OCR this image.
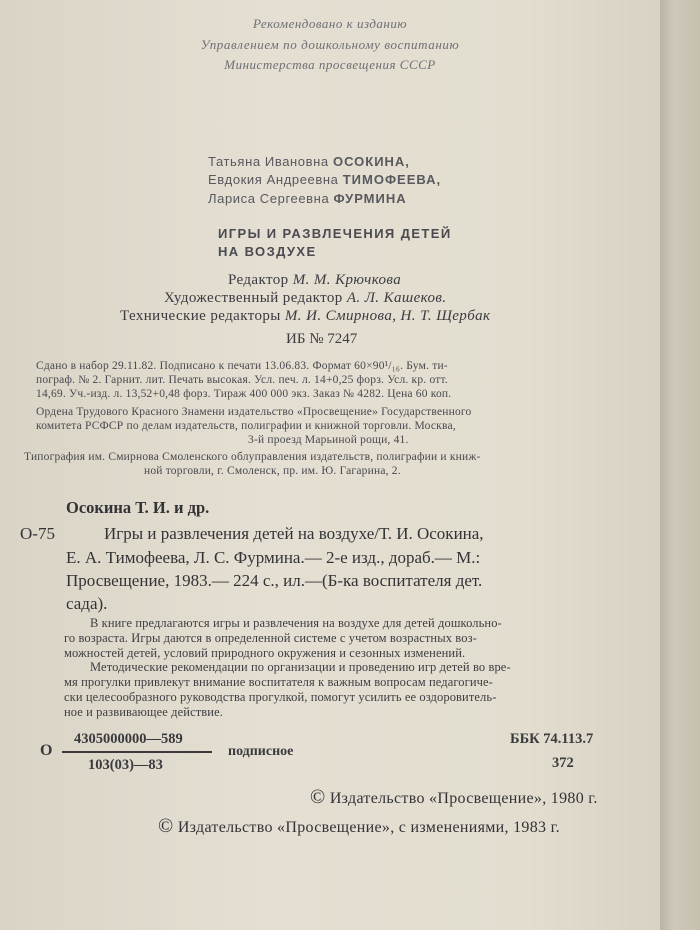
Рекомендовано к изданию
Управлением по дошкольному воспитанию
Министерства просвещения СССР
Татьяна Ивановна ОСОКИНА,
Евдокия Андреевна ТИМОФЕЕВА,
Лариса Сергеевна ФУРМИНА
ИГРЫ И РАЗВЛЕЧЕНИЯ ДЕТЕЙ
НА ВОЗДУХЕ
Редактор М. М. Крючкова
Художественный редактор А. Л. Кашеков.
Технические редакторы М. И. Смирнова, Н. Т. Щербак
ИБ № 7247
Сдано в набор 29.11.82. Подписано к печати 13.06.83. Формат 60×90¹/₁₆. Бум. ти-
пограф. № 2. Гарнит. лит. Печать высокая. Усл. печ. л. 14+0,25 форз. Усл. кр. отт.
14,69. Уч.-изд. л. 13,52+0,48 форз. Тираж 400 000 экз. Заказ № 4282. Цена 60 коп.
Ордена Трудового Красного Знамени издательство «Просвещение» Государственного
комитета РСФСР по делам издательств, полиграфии и книжной торговли. Москва,
3-й проезд Марьиной рощи, 41.
Типография им. Смирнова Смоленского облуправления издательств, полиграфии и книж-
ной торговли, г. Смоленск, пр. им. Ю. Гагарина, 2.
Осокина Т. И. и др.
О-75	Игры и развлечения детей на воздухе/Т. И. Осокина,
Е. А. Тимофеева, Л. С. Фурмина.— 2-е изд., дораб.— М.:
Просвещение, 1983.— 224 с., ил.—(Б-ка воспитателя дет.
сада).
В книге предлагаются игры и развлечения на воздухе для детей дошкольно-
го возраста. Игры даются в определенной системе с учетом возрастных воз-
можностей детей, условий природного окружения и сезонных изменений.
Методические рекомендации по организации и проведению игр детей во вре-
мя прогулки привлекут внимание воспитателя к важным вопросам педагогиче-
ски целесообразного руководства прогулкой, помогут усилить ее оздоровитель-
ное и развивающее действие.
О
4305000000—589
103(03)—83
подписное
ББК 74.113.7
372
© Издательство «Просвещение», 1980 г.
© Издательство «Просвещение», с изменениями, 1983 г.
